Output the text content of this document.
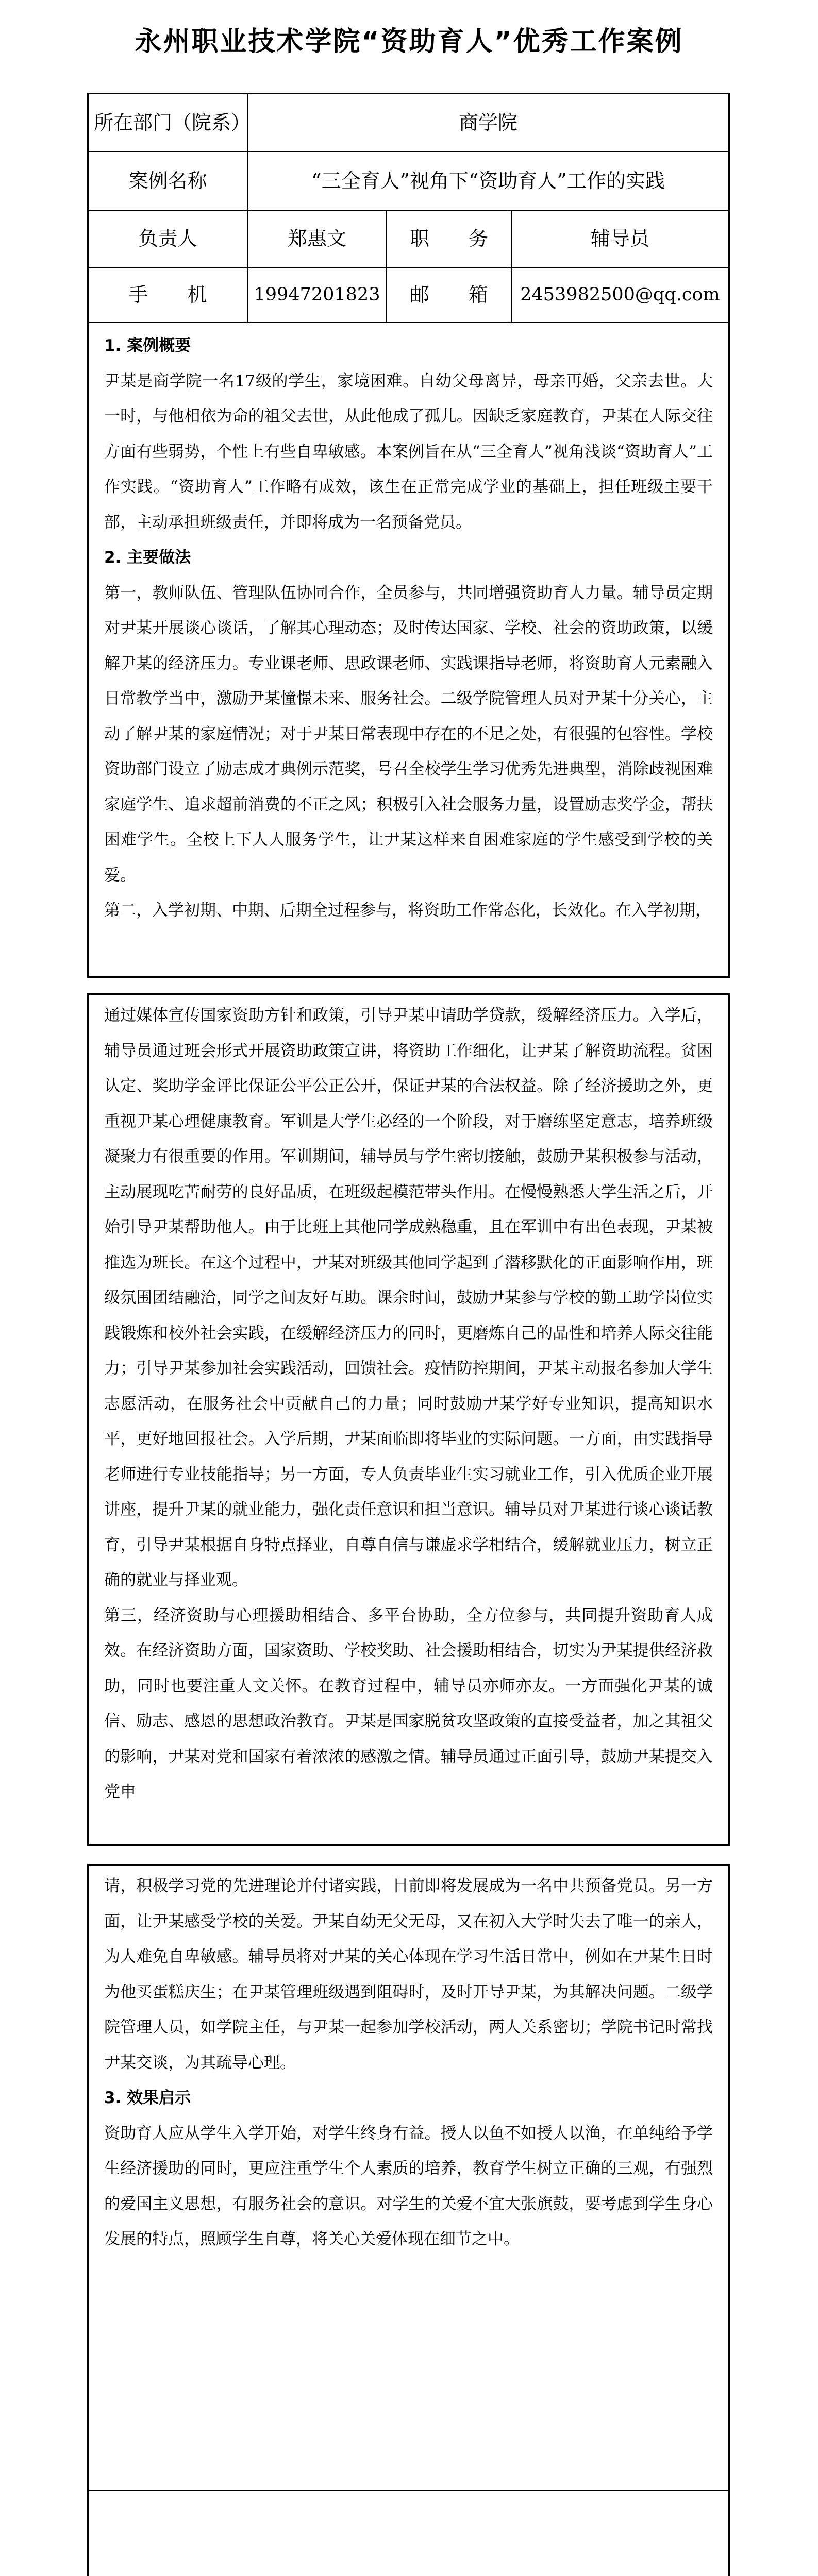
永州职业技术学院“资助育人”优秀工作案例
所在部门（院系）	商学院
案例名称	“三全育人”视角下“资助育人”工作的实践
负责人	郑惠文	职　　务	辅导员
手　　机	19947201823	邮　　箱	2453982500@qq.com

1. 案例概要

尹某是商学院一名17级的学生，家境困难。自幼父母离异，母亲再婚，父亲去世。大一时，与他相依为命的祖父去世，从此他成了孤儿。因缺乏家庭教育，尹某在人际交往方面有些弱势，个性上有些自卑敏感。本案例旨在从“三全育人”视角浅谈“资助育人”工作实践。“资助育人”工作略有成效，该生在正常完成学业的基础上，担任班级主要干部，主动承担班级责任，并即将成为一名预备党员。

2. 主要做法

第一，教师队伍、管理队伍协同合作，全员参与，共同增强资助育人力量。辅导员定期对尹某开展谈心谈话，了解其心理动态；及时传达国家、学校、社会的资助政策，以缓解尹某的经济压力。专业课老师、思政课老师、实践课指导老师，将资助育人元素融入日常教学当中，激励尹某憧憬未来、服务社会。二级学院管理人员对尹某十分关心，主动了解尹某的家庭情况；对于尹某日常表现中存在的不足之处，有很强的包容性。学校资助部门设立了励志成才典例示范奖，号召全校学生学习优秀先进典型，消除歧视困难家庭学生、追求超前消费的不正之风；积极引入社会服务力量，设置励志奖学金，帮扶困难学生。全校上下人人服务学生，让尹某这样来自困难家庭的学生感受到学校的关爱。

第二，入学初期、中期、后期全过程参与，将资助工作常态化，长效化。在入学初期，

通过媒体宣传国家资助方针和政策，引导尹某申请助学贷款，缓解经济压力。入学后，辅导员通过班会形式开展资助政策宣讲，将资助工作细化，让尹某了解资助流程。贫困认定、奖助学金评比保证公平公正公开，保证尹某的合法权益。除了经济援助之外，更重视尹某心理健康教育。军训是大学生必经的一个阶段，对于磨练坚定意志，培养班级凝聚力有很重要的作用。军训期间，辅导员与学生密切接触，鼓励尹某积极参与活动，主动展现吃苦耐劳的良好品质，在班级起模范带头作用。在慢慢熟悉大学生活之后，开始引导尹某帮助他人。由于比班上其他同学成熟稳重，且在军训中有出色表现，尹某被推选为班长。在这个过程中，尹某对班级其他同学起到了潜移默化的正面影响作用，班级氛围团结融洽，同学之间友好互助。课余时间，鼓励尹某参与学校的勤工助学岗位实践锻炼和校外社会实践，在缓解经济压力的同时，更磨炼自己的品性和培养人际交往能力；引导尹某参加社会实践活动，回馈社会。疫情防控期间，尹某主动报名参加大学生志愿活动，在服务社会中贡献自己的力量；同时鼓励尹某学好专业知识，提高知识水平，更好地回报社会。入学后期，尹某面临即将毕业的实际问题。一方面，由实践指导老师进行专业技能指导；另一方面，专人负责毕业生实习就业工作，引入优质企业开展讲座，提升尹某的就业能力，强化责任意识和担当意识。辅导员对尹某进行谈心谈话教育，引导尹某根据自身特点择业，自尊自信与谦虚求学相结合，缓解就业压力，树立正确的就业与择业观。

第三，经济资助与心理援助相结合、多平台协助，全方位参与，共同提升资助育人成效。在经济资助方面，国家资助、学校奖助、社会援助相结合，切实为尹某提供经济救助，同时也要注重人文关怀。在教育过程中，辅导员亦师亦友。一方面强化尹某的诚信、励志、感恩的思想政治教育。尹某是国家脱贫攻坚政策的直接受益者，加之其祖父的影响，尹某对党和国家有着浓浓的感激之情。辅导员通过正面引导，鼓励尹某提交入党申

请，积极学习党的先进理论并付诸实践，目前即将发展成为一名中共预备党员。另一方面，让尹某感受学校的关爱。尹某自幼无父无母，又在初入大学时失去了唯一的亲人，为人难免自卑敏感。辅导员将对尹某的关心体现在学习生活日常中，例如在尹某生日时为他买蛋糕庆生；在尹某管理班级遇到阻碍时，及时开导尹某，为其解决问题。二级学院管理人员，如学院主任，与尹某一起参加学校活动，两人关系密切；学院书记时常找尹某交谈，为其疏导心理。

3. 效果启示

资助育人应从学生入学开始，对学生终身有益。授人以鱼不如授人以渔，在单纯给予学生经济援助的同时，更应注重学生个人素质的培养，教育学生树立正确的三观，有强烈的爱国主义思想，有服务社会的意识。对学生的关爱不宜大张旗鼓，要考虑到学生身心发展的特点，照顾学生自尊，将关心关爱体现在细节之中。
